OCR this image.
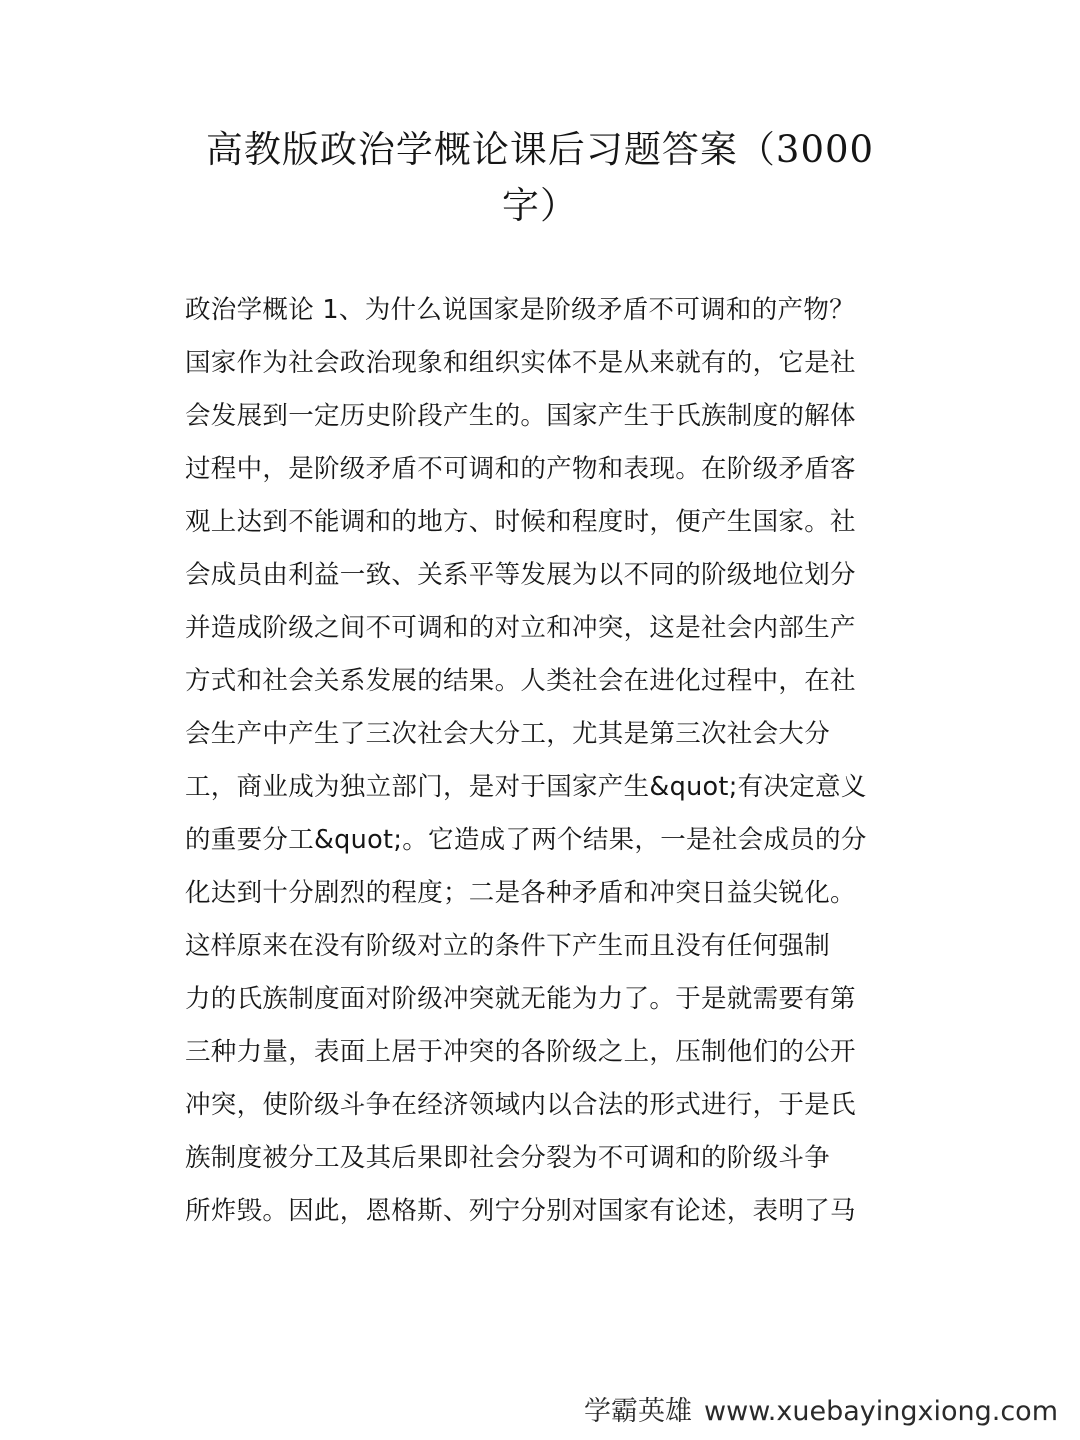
高教版政治学概论课后习题答案（3000
字）
政治学概论 1、为什么说国家是阶级矛盾不可调和的产物？
国家作为社会政治现象和组织实体不是从来就有的，它是社
会发展到一定历史阶段产生的。国家产生于氏族制度的解体
过程中，是阶级矛盾不可调和的产物和表现。在阶级矛盾客
观上达到不能调和的地方、时候和程度时，便产生国家。社
会成员由利益一致、关系平等发展为以不同的阶级地位划分
并造成阶级之间不可调和的对立和冲突，这是社会内部生产
方式和社会关系发展的结果。人类社会在进化过程中，在社
会生产中产生了三次社会大分工，尤其是第三次社会大分
工，商业成为独立部门，是对于国家产生&quot;有决定意义
的重要分工&quot;。它造成了两个结果，一是社会成员的分
化达到十分剧烈的程度；二是各种矛盾和冲突日益尖锐化。
这样原来在没有阶级对立的条件下产生而且没有任何强制
力的氏族制度面对阶级冲突就无能为力了。于是就需要有第
三种力量，表面上居于冲突的各阶级之上，压制他们的公开
冲突，使阶级斗争在经济领域内以合法的形式进行，于是氏
族制度被分工及其后果即社会分裂为不可调和的阶级斗争
所炸毁。因此，恩格斯、列宁分别对国家有论述，表明了马
学霸英雄 www.xuebayingxiong.com
